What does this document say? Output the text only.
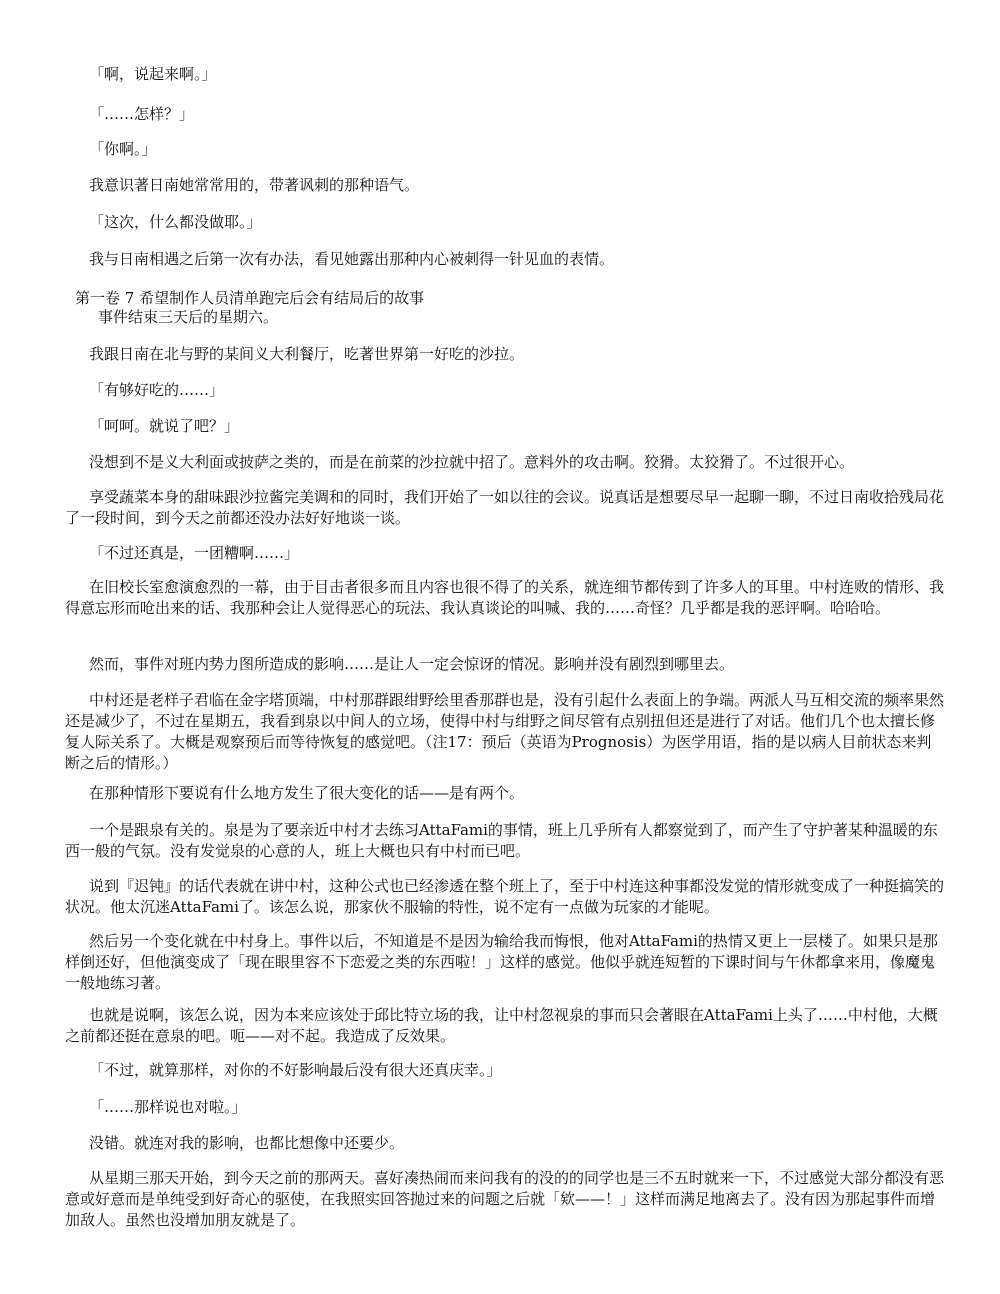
「啊，说起来啊。」

「……怎样？」

「你啊。」

我意识著日南她常常用的，带著讽刺的那种语气。

「这次，什么都没做耶。」

我与日南相遇之后第一次有办法，看见她露出那种内心被刺得一针见血的表情。

第一卷 7 希望制作人员清单跑完后会有结局后的故事

事件结束三天后的星期六。

我跟日南在北与野的某间义大利餐厅，吃著世界第一好吃的沙拉。

「有够好吃的……」

「呵呵。就说了吧？」

没想到不是义大利面或披萨之类的，而是在前菜的沙拉就中招了。意料外的攻击啊。狡猾。太狡猾了。不过很开心。

享受蔬菜本身的甜味跟沙拉酱完美调和的同时，我们开始了一如以往的会议。说真话是想要尽早一起聊一聊，不过日南收拾残局花了一段时间，到今天之前都还没办法好好地谈一谈。

「不过还真是，一团糟啊……」

在旧校长室愈演愈烈的一幕，由于目击者很多而且内容也很不得了的关系，就连细节都传到了许多人的耳里。中村连败的情形、我得意忘形而呛出来的话、我那种会让人觉得恶心的玩法、我认真谈论的叫喊、我的……奇怪？几乎都是我的恶评啊。哈哈哈。

然而，事件对班内势力图所造成的影响……是让人一定会惊讶的情况。影响并没有剧烈到哪里去。

中村还是老样子君临在金字塔顶端，中村那群跟绀野绘里香那群也是，没有引起什么表面上的争端。两派人马互相交流的频率果然还是减少了，不过在星期五，我看到泉以中间人的立场，使得中村与绀野之间尽管有点别扭但还是进行了对话。他们几个也太擅长修复人际关系了。大概是观察预后而等待恢复的感觉吧。（注17：预后（英语为Prognosis）为医学用语，指的是以病人目前状态来判断之后的情形。）

在那种情形下要说有什么地方发生了很大变化的话——是有两个。

一个是跟泉有关的。泉是为了要亲近中村才去练习AttaFami的事情，班上几乎所有人都察觉到了，而产生了守护著某种温暖的东西一般的气氛。没有发觉泉的心意的人，班上大概也只有中村而已吧。

说到『迟钝』的话代表就在讲中村，这种公式也已经渗透在整个班上了，至于中村连这种事都没发觉的情形就变成了一种挺搞笑的状况。他太沉迷AttaFami了。该怎么说，那家伙不服输的特性，说不定有一点做为玩家的才能呢。

然后另一个变化就在中村身上。事件以后，不知道是不是因为输给我而悔恨，他对AttaFami的热情又更上一层楼了。如果只是那样倒还好，但他演变成了「现在眼里容不下恋爱之类的东西啦！」这样的感觉。他似乎就连短暂的下课时间与午休都拿来用，像魔鬼一般地练习著。

也就是说啊，该怎么说，因为本来应该处于邱比特立场的我，让中村忽视泉的事而只会著眼在AttaFami上头了……中村他，大概之前都还挺在意泉的吧。呃——对不起。我造成了反效果。

「不过，就算那样，对你的不好影响最后没有很大还真庆幸。」

「……那样说也对啦。」

没错。就连对我的影响，也都比想像中还要少。

从星期三那天开始，到今天之前的那两天。喜好凑热闹而来问我有的没的的同学也是三不五时就来一下，不过感觉大部分都没有恶意或好意而是单纯受到好奇心的驱使，在我照实回答抛过来的问题之后就「欸——！」这样而满足地离去了。没有因为那起事件而增加敌人。虽然也没增加朋友就是了。
